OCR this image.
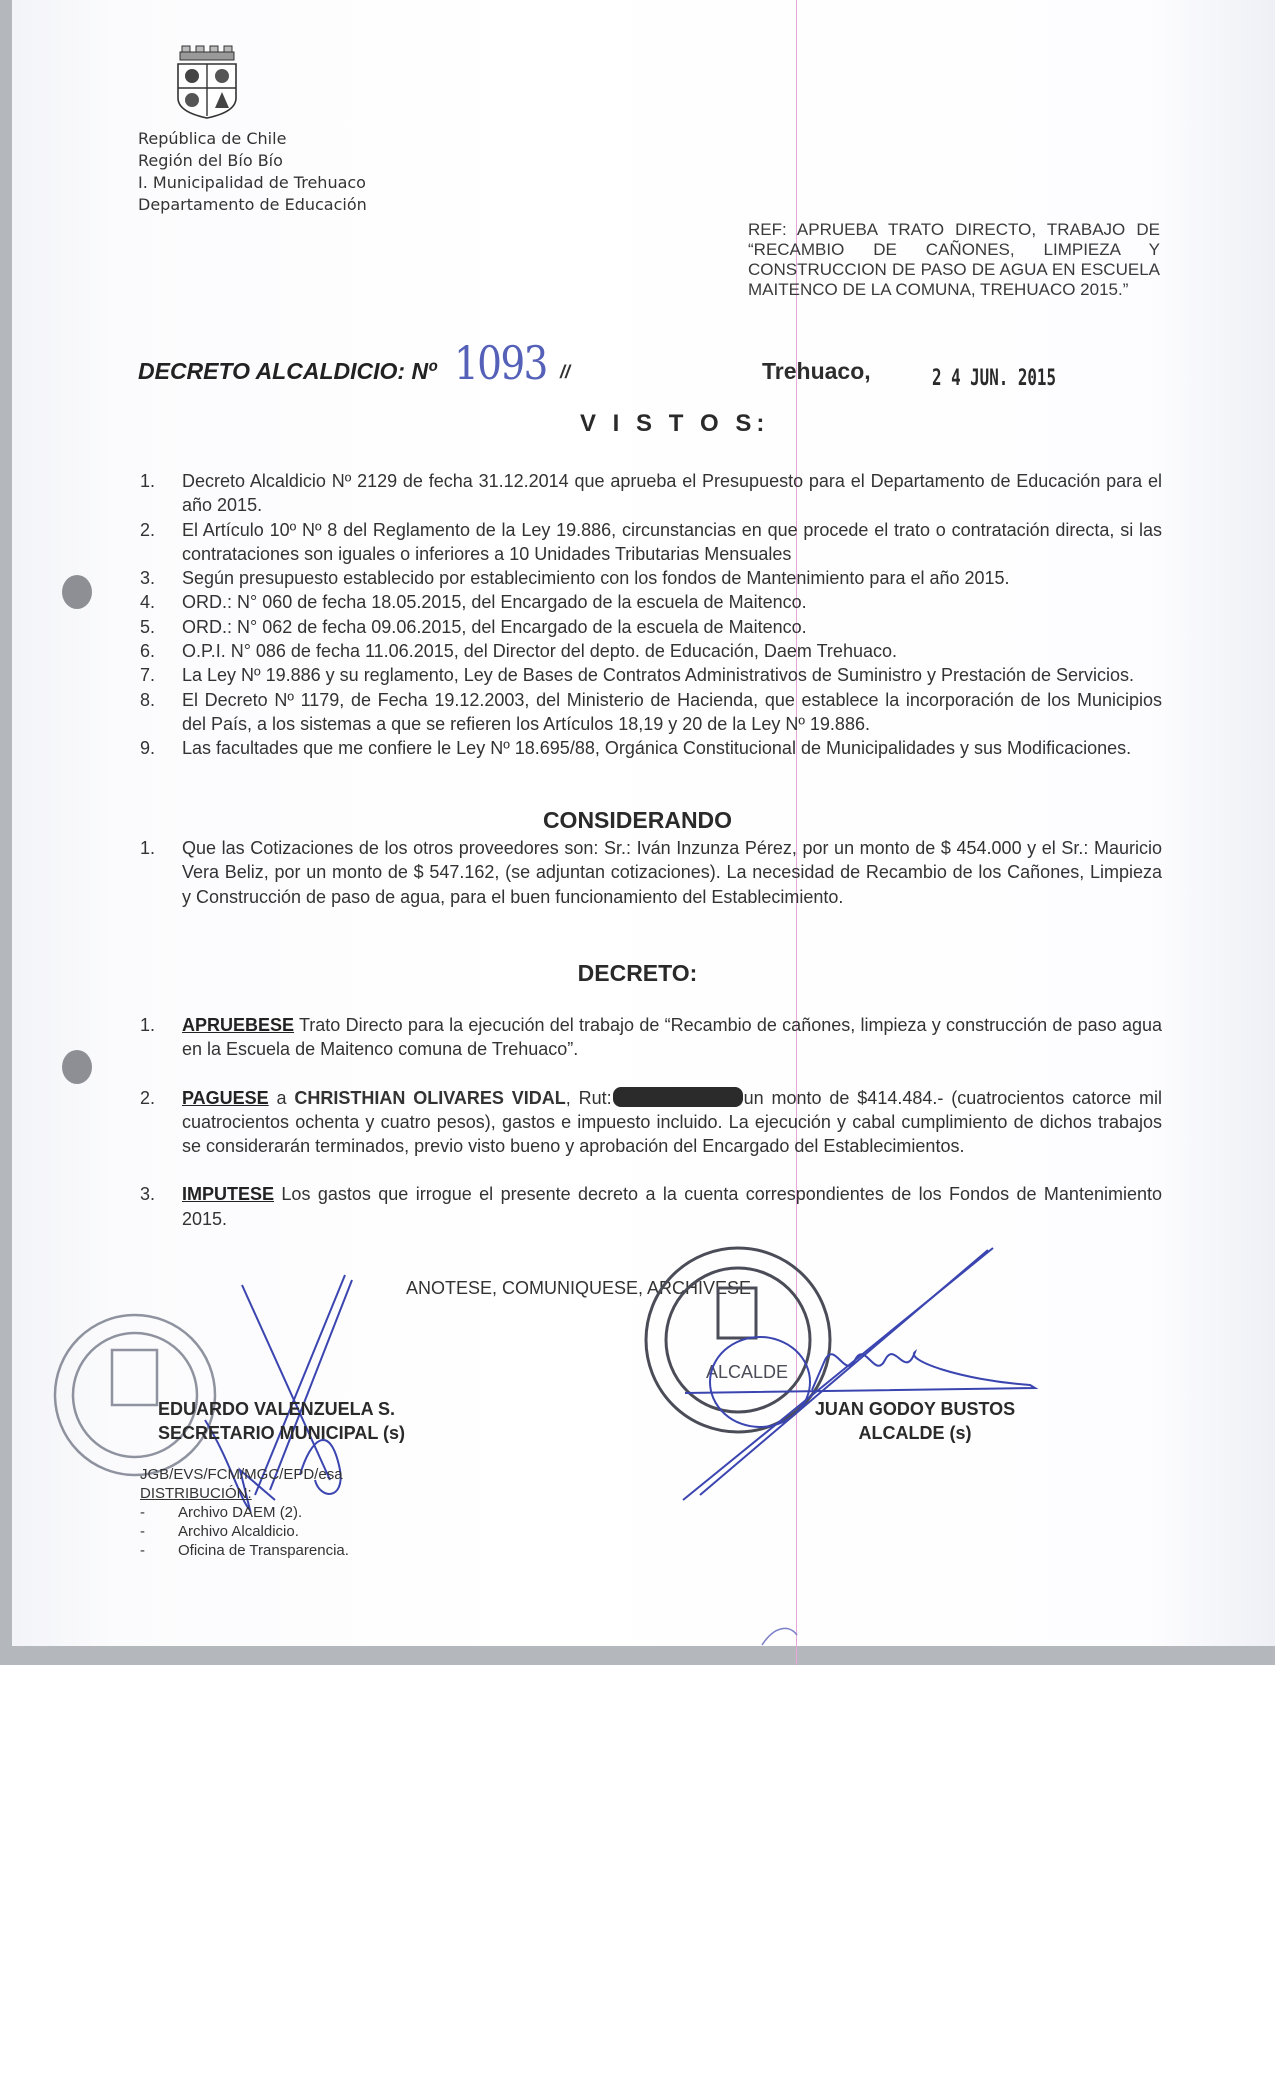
República de Chile
Región del Bío Bío
I. Municipalidad de Trehuaco
Departamento de Educación
REF: APRUEBA TRATO DIRECTO, TRABAJO DE “RECAMBIO DE CAÑONES, LIMPIEZA Y CONSTRUCCION DE PASO DE AGUA EN ESCUELA MAITENCO DE LA COMUNA, TREHUACO 2015.”
DECRETO ALCALDICIO: Nº 1093 //	Trehuaco,	2 4 JUN. 2015
V I S T O S:
1.	Decreto Alcaldicio Nº 2129 de fecha 31.12.2014 que aprueba el Presupuesto para el Departamento de Educación para el año 2015.
2.	El Artículo 10º Nº 8 del Reglamento de la Ley 19.886, circunstancias en que procede el trato o contratación directa, si las contrataciones son iguales o inferiores a 10 Unidades Tributarias Mensuales
3.	Según presupuesto establecido por establecimiento con los fondos de Mantenimiento para el año 2015.
4.	ORD.: N° 060 de fecha 18.05.2015, del Encargado de la escuela de Maitenco.
5.	ORD.: N° 062 de fecha 09.06.2015, del Encargado de la escuela de Maitenco.
6.	O.P.I. N° 086 de fecha 11.06.2015, del Director del depto. de Educación, Daem Trehuaco.
7.	La Ley Nº 19.886 y su reglamento, Ley de Bases de Contratos Administrativos de Suministro y Prestación de Servicios.
8.	El Decreto Nº 1179, de Fecha 19.12.2003, del Ministerio de Hacienda, que establece la incorporación de los Municipios del País, a los sistemas a que se refieren los Artículos 18,19 y 20 de la Ley Nº 19.886.
9.	Las facultades que me confiere le Ley Nº 18.695/88, Orgánica Constitucional de Municipalidades y sus Modificaciones.
CONSIDERANDO
1.	Que las Cotizaciones de los otros proveedores son: Sr.: Iván Inzunza Pérez, por un monto de $ 454.000 y el Sr.: Mauricio Vera Beliz, por un monto de $ 547.162, (se adjuntan cotizaciones). La necesidad de Recambio de los Cañones, Limpieza y Construcción de paso de agua, para el buen funcionamiento del Establecimiento.
DECRETO:
1.	APRUEBESE Trato Directo para la ejecución del trabajo de “Recambio de cañones, limpieza y construcción de paso agua en la Escuela de Maitenco comuna de Trehuaco”.
2.	PAGUESE a CHRISTHIAN OLIVARES VIDAL, Rut:	un monto de $414.484.- (cuatrocientos catorce mil cuatrocientos ochenta y cuatro pesos), gastos e impuesto incluido. La ejecución y cabal cumplimiento de dichos trabajos se considerarán terminados, previo visto bueno y aprobación del Encargado del Establecimientos.
3.	IMPUTESE Los gastos que irrogue el presente decreto a la cuenta correspondientes de los Fondos de Mantenimiento 2015.
ANOTESE, COMUNIQUESE, ARCHIVESE
ALCALDE
EDUARDO VALENZUELA S.
SECRETARIO MUNICIPAL (s)
JUAN GODOY BUSTOS
ALCALDE (s)
JGB/EVS/FCM/MGC/EPD/esa
DISTRIBUCIÓN:
- Archivo DAEM (2).
- Archivo Alcaldicio.
- Oficina de Transparencia.
